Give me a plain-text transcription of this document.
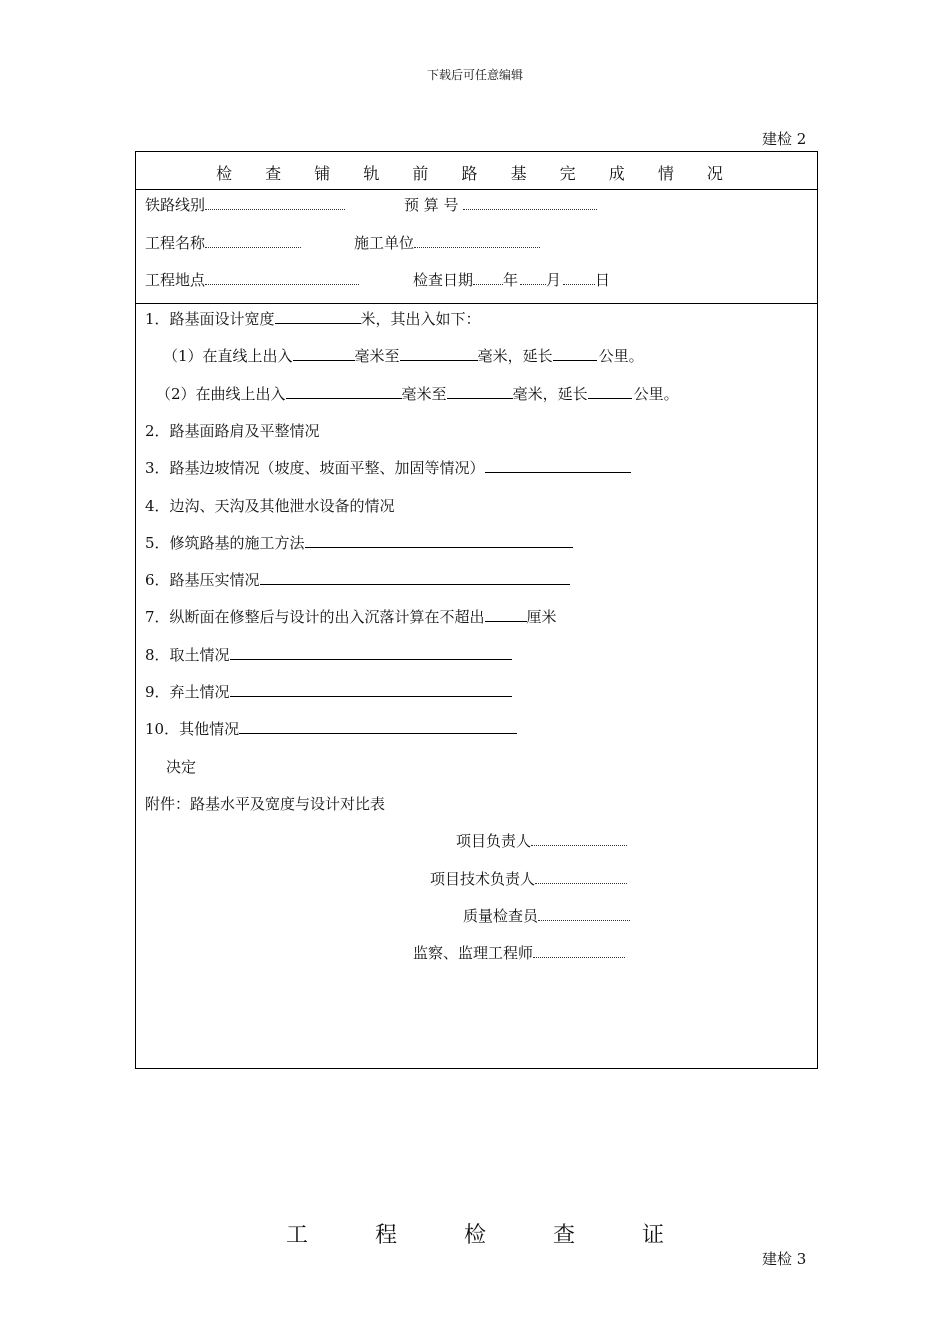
下载后可任意编辑
建检 2
检 查 铺 轨 前 路 基 完 成 情 况
铁路线别	预 算 号
工程名称	施工单位
工程地点	检查日期 年 月 日
1．路基面设计宽度	米，其出入如下：
（1）在直线上出入	毫米至	毫米，延长	公里。
（2）在曲线上出入	毫米至	毫米，延长	公里。
2．路基面路肩及平整情况
3．路基边坡情况（坡度、坡面平整、加固等情况）
4．边沟、天沟及其他泄水设备的情况
5．修筑路基的施工方法
6．路基压实情况
7．纵断面在修整后与设计的出入沉落计算在不超出	厘米
8．取土情况
9．弃土情况
10．其他情况
决定
附件：路基水平及宽度与设计对比表
项目负责人
项目技术负责人
质量检查员
监察、监理工程师
工 程 检 查 证
建检 3
